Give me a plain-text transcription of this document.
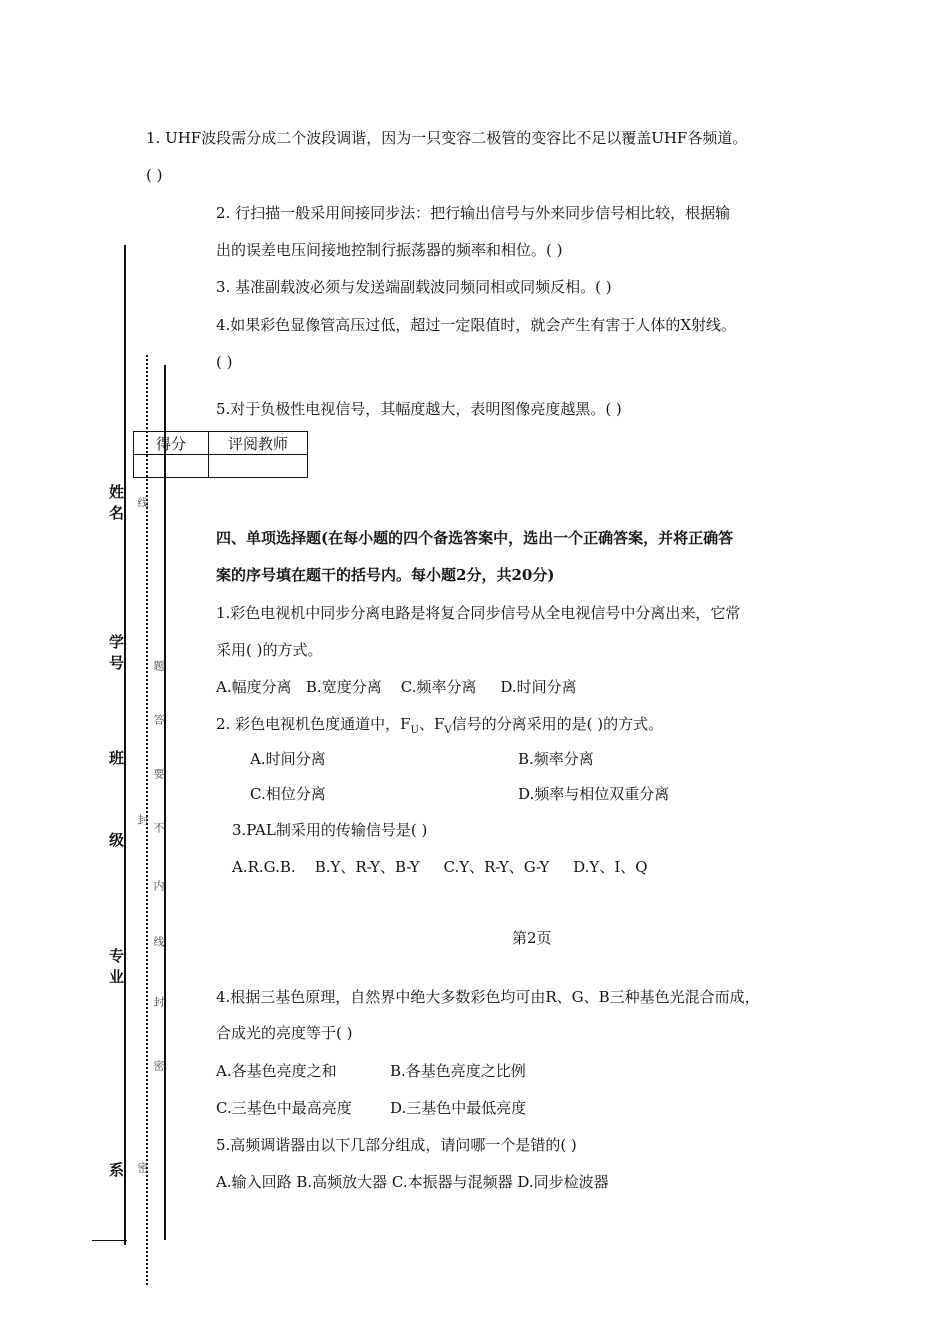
姓名
学号
班
级
专业
系
线
封
密
题
答
要
不
内
线
封
密
1. UHF波段需分成二个波段调谐，因为一只变容二极管的变容比不足以覆盖UHF各频道。
( )
2. 行扫描一般采用间接同步法：把行输出信号与外来同步信号相比较，根据输
出的误差电压间接地控制行振荡器的频率和相位。( )
3. 基准副载波必须与发送端副载波同频同相或同频反相。( )
4.如果彩色显像管高压过低，超过一定限值时，就会产生有害于人体的X射线。
( )
5.对于负极性电视信号，其幅度越大，表明图像亮度越黑。( )
得分	评阅教师

四、单项选择题(在每小题的四个备选答案中，选出一个正确答案，并将正确答
案的序号填在题干的括号内。每小题2分，共20分)
1.彩色电视机中同步分离电路是将复合同步信号从全电视信号中分离出来，它常
采用( )的方式。
A.幅度分离   B.宽度分离    C.频率分离     D.时间分离
2. 彩色电视机色度通道中，$F_U$、$F_V$信号的分离采用的是( )的方式。
A.时间分离	B.频率分离
C.相位分离	D.频率与相位双重分离
3.PAL制采用的传输信号是( )
A.R.G.B.    B.Y、R-Y、B-Y     C.Y、R-Y、G-Y     D.Y、I、Q
第2页
4.根据三基色原理，自然界中绝大多数彩色均可由R、G、B三种基色光混合而成，
合成光的亮度等于( )
A.各基色亮度之和	B.各基色亮度之比例
C.三基色中最高亮度	D.三基色中最低亮度
5.高频调谐器由以下几部分组成，请问哪一个是错的( )
A.输入回路 B.高频放大器 C.本振器与混频器 D.同步检波器
